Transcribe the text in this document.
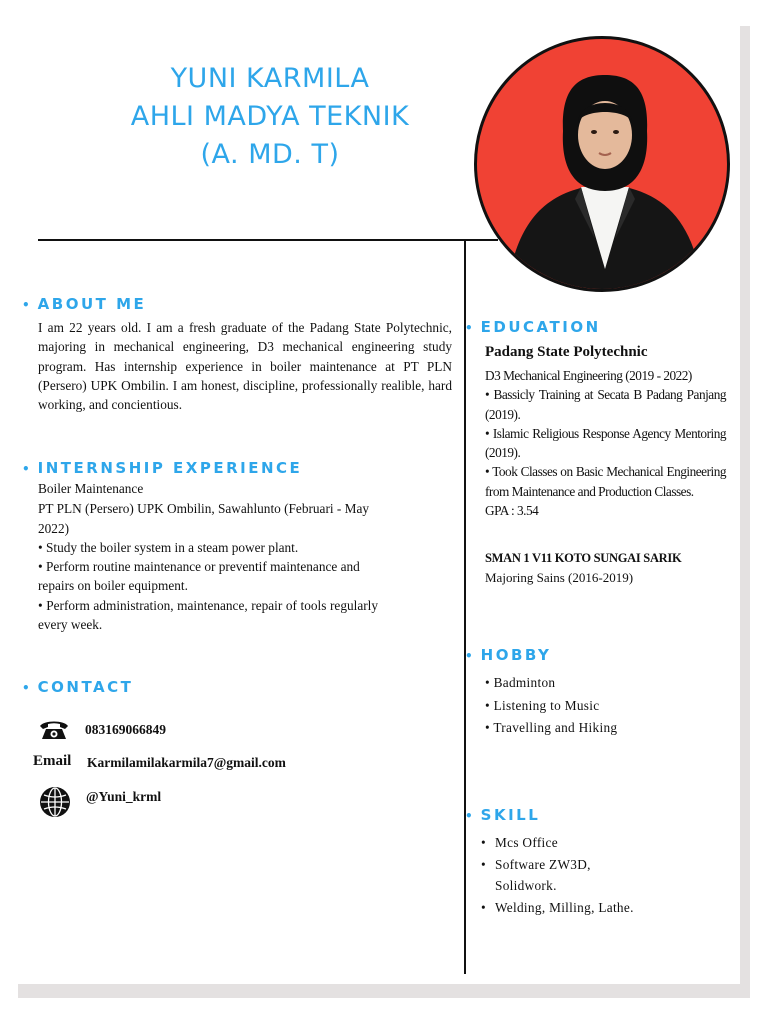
YUNI KARMILA
AHLI MADYA TEKNIK
(A. MD. T)
• ABOUT ME
I am 22 years old. I am a fresh graduate of the Padang State Polytechnic, majoring in mechanical engineering, D3 mechanical engineering study program. Has internship experience in boiler maintenance at PT PLN (Persero) UPK Ombilin. I am honest, discipline, professionally realible, hard working, and concientious.
• INTERNSHIP EXPERIENCE
Boiler Maintenance
PT PLN (Persero) UPK Ombilin, Sawahlunto (Februari - May 2022)
• Study the boiler system in a steam power plant.
• Perform routine maintenance or preventif maintenance and repairs on boiler equipment.
• Perform administration, maintenance, repair of tools regularly every week.
• CONTACT
083169066849
Email Karmilamilakarmila7@gmail.com
@Yuni_krml
• EDUCATION
Padang State Polytechnic
D3 Mechanical Engineering (2019 - 2022)
• Bassicly Training at Secata B Padang Panjang (2019).
• Islamic Religious Response Agency Mentoring (2019).
• Took Classes on Basic Mechanical Engineering from Maintenance and Production Classes.
GPA : 3.54
SMAN 1 V11 KOTO SUNGAI SARIK
Majoring Sains (2016-2019)
• HOBBY
• Badminton
• Listening to Music
• Travelling and Hiking
• SKILL
• Mcs Office
• Software ZW3D, Solidwork.
• Welding, Milling, Lathe.
